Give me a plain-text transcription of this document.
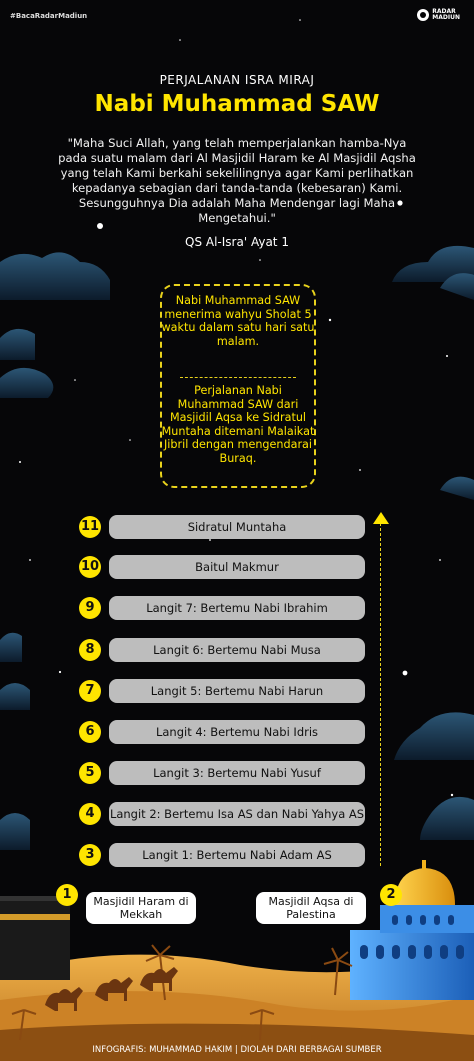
#BacaRadarMadiun
RADAR
MADIUN
PERJALANAN ISRA MIRAJ
Nabi Muhammad SAW
"Maha Suci Allah, yang telah memperjalankan hamba-Nya pada suatu malam dari Al Masjidil Haram ke Al Masjidil Aqsha yang telah Kami berkahi sekelilingnya agar Kami perlihatkan kepadanya sebagian dari tanda-tanda (kebesaran) Kami. Sesungguhnya Dia adalah Maha Mendengar lagi Maha Mengetahui."
QS Al-Isra' Ayat 1
Nabi Muhammad SAW menerima wahyu Sholat 5 waktu dalam satu hari satu malam.
Perjalanan Nabi Muhammad SAW dari Masjidil Aqsa ke Sidratul Muntaha ditemani Malaikat Jibril dengan mengendarai Buraq.
11	Sidratul Muntaha
10	Baitul Makmur
9	Langit 7: Bertemu Nabi Ibrahim
8	Langit 6: Bertemu Nabi Musa
7	Langit 5: Bertemu Nabi Harun
6	Langit 4: Bertemu Nabi Idris
5	Langit 3: Bertemu Nabi Yusuf
4	Langit 2: Bertemu Isa AS dan Nabi Yahya AS
3	Langit 1: Bertemu Nabi Adam AS
1	Masjidil Haram di Mekkah
2
Masjidil Aqsa di Palestina
INFOGRAFIS: MUHAMMAD HAKIM | DIOLAH DARI BERBAGAI SUMBER
